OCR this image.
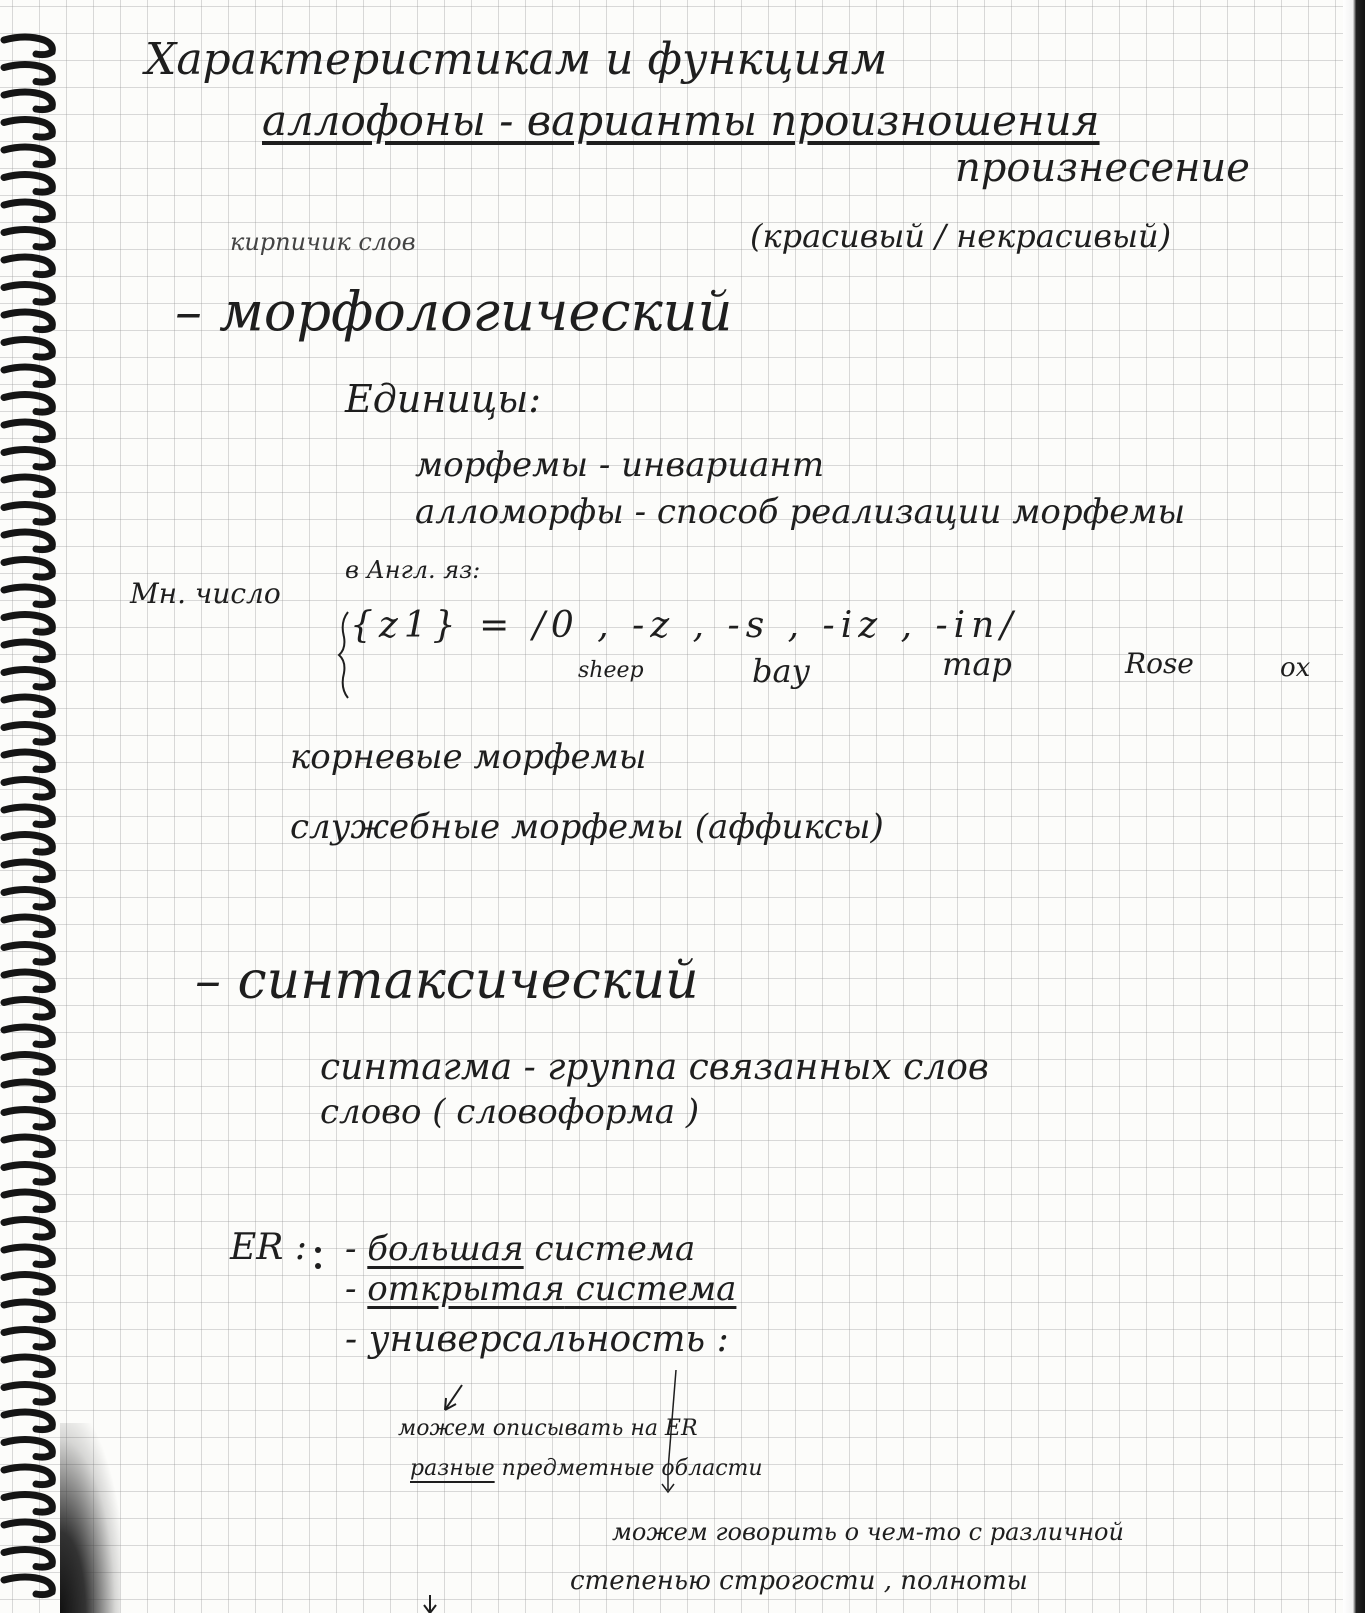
Характеристикам и функциям
аллофоны - варианты произношения
произнесение
кирпичик слов	(красивый / некрасивый)
– морфологический
Единицы:
морфемы - инвариант
алломорфы - способ реализации морфемы
Мн. число
в Англ. яз:
{z1} = /0 , -z , -s , -iz , -in/
sheep	bay	map	Rose	ox
корневые морфемы
служебные морфемы (аффиксы)
– синтаксический
синтагма - группа связанных слов
слово ( словоформа )
ER : - большая система
- открытая система
- универсальность :
можем описывать на ER
разные предметные области
можем говорить о чем-то с различной
степенью строгости , полноты
